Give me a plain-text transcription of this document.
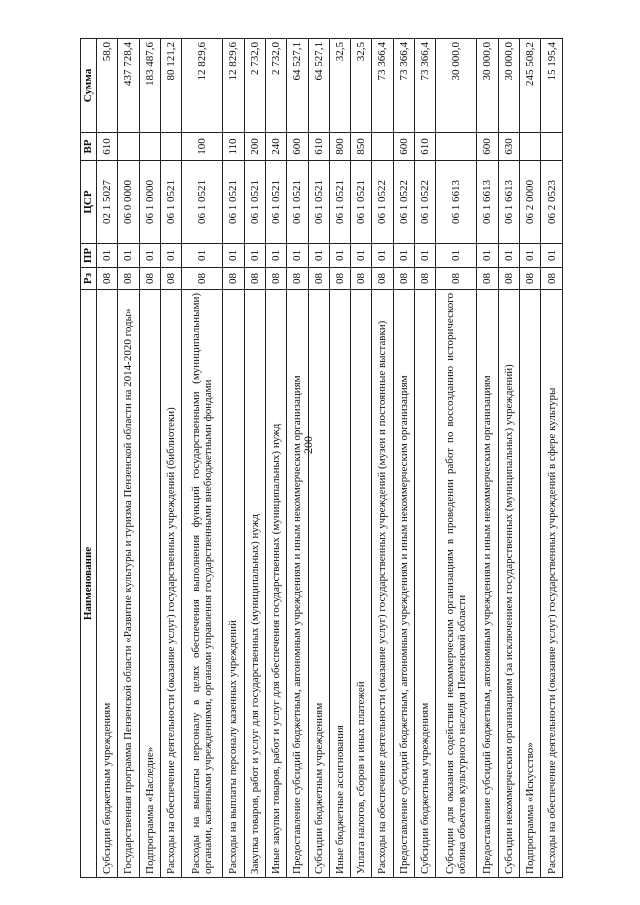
200
Наименование	Рз	ПР	ЦСР	ВР	Сумма
Субсидии бюджетным учреждениям	08	01	02 1 5027	610	58,0
Государственная программа Пензенской области «Развитие культуры и туризма Пензенской области на 2014-2020 годы»	08	01	06 0 0000		437 728,4
Подпрограмма «Наследие»	08	01	06 1 0000		183 487,6
Расходы на обеспечение деятельности (оказание услуг) государственных учреждений (библиотеки)	08	01	06 1 0521		80 121,2
Расходы на выплаты персоналу в целях обеспечения выполнения функций государственными (муниципальными) органами, казенными учреждениями, органами управления государственными внебюджетными фондами	08	01	06 1 0521	100	12 829,6
Расходы на выплаты персоналу казенных учреждений	08	01	06 1 0521	110	12 829,6
Закупка товаров, работ и услуг для государственных (муниципальных) нужд	08	01	06 1 0521	200	2 732,0
Иные закупки товаров, работ и услуг для обеспечения государственных (муниципальных) нужд	08	01	06 1 0521	240	2 732,0
Предоставление субсидий бюджетным, автономным учреждениям и иным некоммерческим организациям	08	01	06 1 0521	600	64 527,1
Субсидии бюджетным учреждениям	08	01	06 1 0521	610	64 527,1
Иные бюджетные ассигнования	08	01	06 1 0521	800	32,5
Уплата налогов, сборов и иных платежей	08	01	06 1 0521	850	32,5
Расходы на обеспечение деятельности (оказание услуг) государственных учреждений (музеи и постоянные выставки)	08	01	06 1 0522		73 366,4
Предоставление субсидий бюджетным, автономным учреждениям и иным некоммерческим организациям	08	01	06 1 0522	600	73 366,4
Субсидии бюджетным учреждениям	08	01	06 1 0522	610	73 366,4
Субсидии для оказания содействия некоммерческим организациям в проведении работ по воссозданию исторического облика объектов культурного наследия Пензенской области	08	01	06 1 6613		30 000,0
Предоставление субсидий бюджетным, автономным учреждениям и иным некоммерческим организациям	08	01	06 1 6613	600	30 000,0
Субсидии некоммерческим организациям (за исключением государственных (муниципальных) учреждений)	08	01	06 1 6613	630	30 000,0
Подпрограмма «Искусство»	08	01	06 2 0000		245 508,2
Расходы на обеспечение деятельности (оказание услуг) государственных учреждений в сфере культуры	08	01	06 2 0523		15 195,4
